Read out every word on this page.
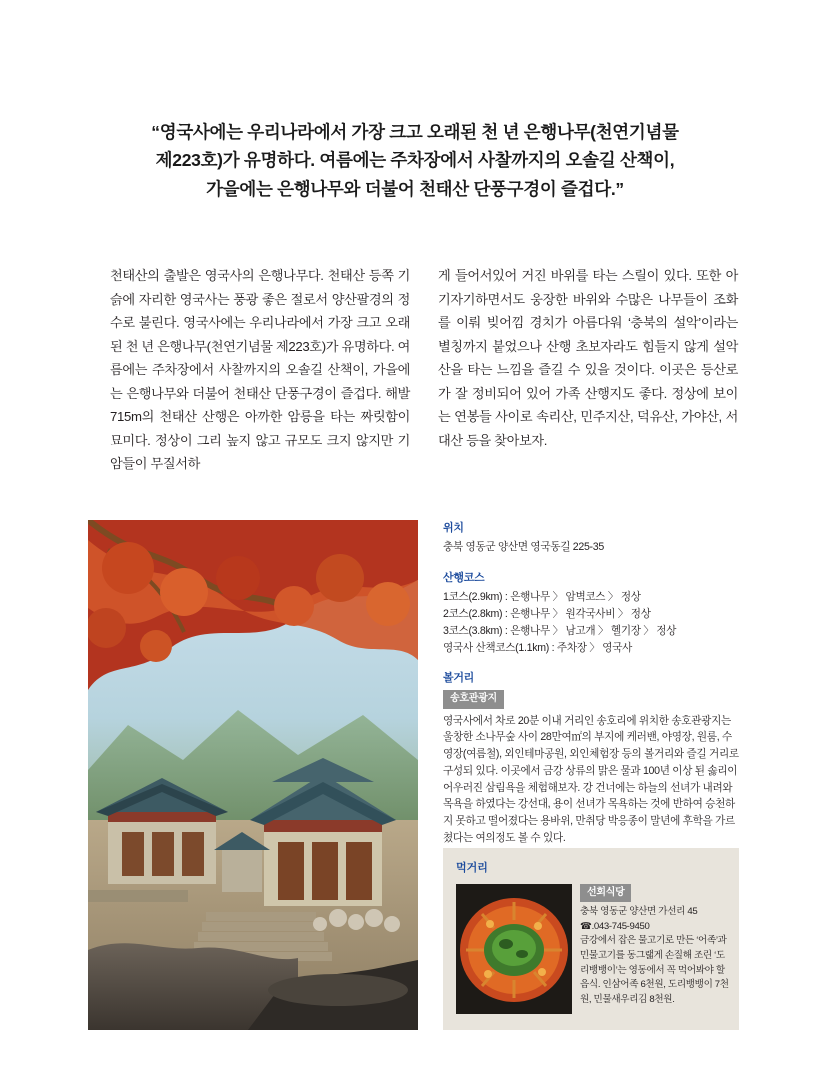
“영국사에는 우리나라에서 가장 크고 오래된 천 년 은행나무(천연기념물
제223호)가 유명하다. 여름에는 주차장에서 사찰까지의 오솔길 산책이,
가을에는 은행나무와 더불어 천태산 단풍구경이 즐겁다.”
천태산의 출발은 영국사의 은행나무다. 천태산 등쪽 기슭에 자리한 영국사는 풍광 좋은 절로서 양산팔경의 정수로 불린다. 영국사에는 우리나라에서 가장 크고 오래된 천 년 은행나무(천연기념물 제223호)가 유명하다. 여름에는 주차장에서 사찰까지의 오솔길 산책이, 가을에는 은행나무와 더불어 천태산 단풍구경이 즐겁다. 해발 715m의 천태산 산행은 아까한 암릉을 타는 짜릿함이 묘미다. 정상이 그리 높지 않고 규모도 크지 않지만 기암들이 무질서하
게 들어서있어 거진 바위를 타는 스릴이 있다. 또한 아기자기하면서도 웅장한 바위와 수많은 나무들이 조화를 이뤄 빚어낌 경치가 아름다워 ‘충북의 설악’이라는 별칭까지 붙었으나 산행 초보자라도 힘들지 않게 설악산을 타는 느낌을 즐길 수 있을 것이다. 이곳은 등산로가 잘 정비되어 있어 가족 산행지도 좋다. 정상에 보이는 연봉들 사이로 속리산, 민주지산, 덕유산, 가야산, 서대산 등을 찾아보자.
위치
충북 영동군 양산면 영국동길 225-35
산행코스
1코스(2.9km) : 은행나무 〉 암벽코스 〉 정상
2코스(2.8km) : 은행나무 〉 원각국사비 〉 정상
3코스(3.8km) : 은행나무 〉 남고개 〉 헬기장 〉 정상
영국사 산책코스(1.1km) : 주차장 〉 영국사
볼거리
송호관광지
영국사에서 차로 20분 이내 거리인 송호리에 위치한 송호관광지는 울창한 소나무숲 사이 28만여㎡의 부지에 케러밴, 야영장, 원룸, 수영장(여름철), 외인테마공원, 외인체험장 등의 볼거리와 즐길 거리로 구성되 있다. 이곳에서 금강 상류의 맑은 물과 100년 이상 된 솛리이 어우러진 삼림욕을 체험해보자. 강 건너에는 하늘의 선녀가 내려와 목욕을 하였다는 강선대, 용이 선녀가 목욕하는 것에 반하여 승천하지 못하고 떨어졌다는 용바위, 만취당 박응종이 말년에 후학을 가르쳤다는 여의정도 볼 수 있다.
먹거리
선회식당
충북 영동군 양산면 가선리 45
☎.043-745-9450
금강에서 잡은 물고기로 만든 ‘어족’과 민물고기를 동그랣게 손질해 조린 ‘도리뱅뱅이’는 영동에서 꼭 먹어봐야 할 음식. 인삼어족 6천원, 도리뱅뱅이 7천원, 민물새우리김 8천원.
